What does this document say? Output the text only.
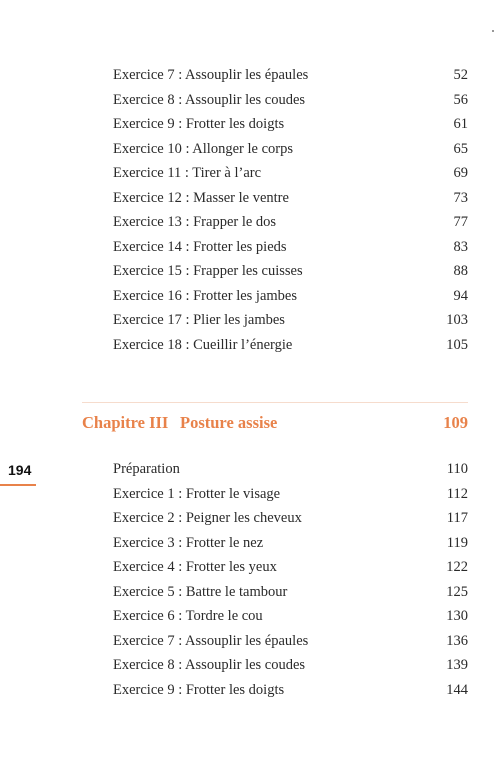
Exercice 7 : Assouplir les épaules	52
Exercice 8 : Assouplir les coudes	56
Exercice 9 : Frotter les doigts	61
Exercice 10 : Allonger le corps	65
Exercice 11 : Tirer à l’arc	69
Exercice 12 : Masser le ventre	73
Exercice 13 : Frapper le dos	77
Exercice 14 : Frotter les pieds	83
Exercice 15 : Frapper les cuisses	88
Exercice 16 : Frotter les jambes	94
Exercice 17 : Plier les jambes	103
Exercice 18 : Cueillir l’énergie	105
Chapitre III Posture assise	109
194	Préparation	110
Exercice 1 : Frotter le visage	112
Exercice 2 : Peigner les cheveux	117
Exercice 3 : Frotter le nez	119
Exercice 4 : Frotter les yeux	122
Exercice 5 : Battre le tambour	125
Exercice 6 : Tordre le cou	130
Exercice 7 : Assouplir les épaules	136
Exercice 8 : Assouplir les coudes	139
Exercice 9 : Frotter les doigts	144
